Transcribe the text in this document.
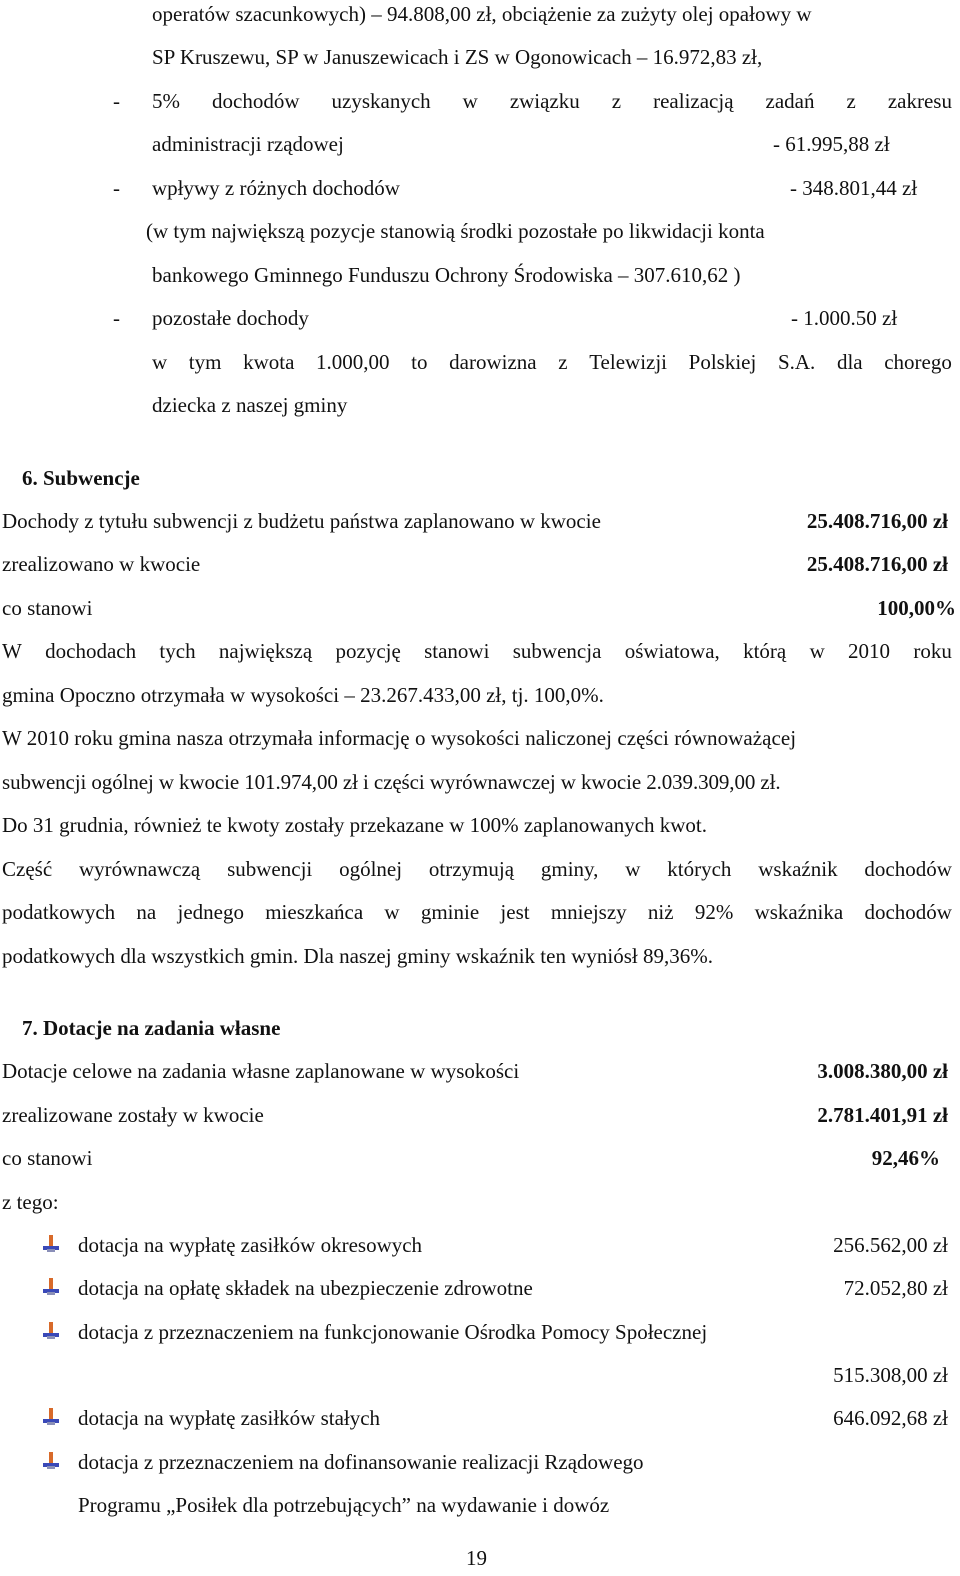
operatów szacunkowych) – 94.808,00 zł, obciążenie za zużyty olej opałowy w
SP Kruszewu, SP w Januszewicach i ZS w Ogonowicach – 16.972,83 zł,
- 5% dochodów uzyskanych w związku z realizacją zadań z zakresu
administracji rządowej	- 61.995,88 zł
- wpływy z różnych dochodów	- 348.801,44 zł
(w tym największą pozycje stanowią środki pozostałe po likwidacji konta
bankowego Gminnego Funduszu Ochrony Środowiska – 307.610,62 )
- pozostałe dochody	- 1.000.50 zł
w tym kwota 1.000,00 to darowizna z Telewizji Polskiej S.A. dla chorego
dziecka z naszej gminy
6. Subwencje
Dochody z tytułu subwencji z budżetu państwa zaplanowano w kwocie	25.408.716,00 zł
zrealizowano w kwocie	25.408.716,00 zł
co stanowi	100,00%
W dochodach tych największą pozycję stanowi subwencja oświatowa, którą w 2010 roku
gmina Opoczno otrzymała w wysokości – 23.267.433,00 zł, tj. 100,0%.
W 2010 roku gmina nasza otrzymała informację o wysokości naliczonej części równoważącej
subwencji ogólnej w kwocie 101.974,00 zł i części wyrównawczej w kwocie 2.039.309,00 zł.
Do 31 grudnia, również te kwoty zostały przekazane w 100% zaplanowanych kwot.
Część wyrównawczą subwencji ogólnej otrzymują gminy, w których wskaźnik dochodów
podatkowych na jednego mieszkańca w gminie jest mniejszy niż 92% wskaźnika dochodów
podatkowych dla wszystkich gmin. Dla naszej gminy wskaźnik ten wyniósł 89,36%.
7. Dotacje na zadania własne
Dotacje celowe na zadania własne zaplanowane w wysokości	3.008.380,00 zł
zrealizowane zostały w kwocie	2.781.401,91 zł
co stanowi	92,46%
z tego:
dotacja na wypłatę zasiłków okresowych	256.562,00 zł
dotacja na opłatę składek na ubezpieczenie zdrowotne	72.052,80 zł
dotacja z przeznaczeniem na funkcjonowanie Ośrodka Pomocy Społecznej
515.308,00 zł
dotacja na wypłatę zasiłków stałych	646.092,68 zł
dotacja z przeznaczeniem na dofinansowanie realizacji Rządowego
Programu „Posiłek dla potrzebujących” na wydawanie i dowóz
19
